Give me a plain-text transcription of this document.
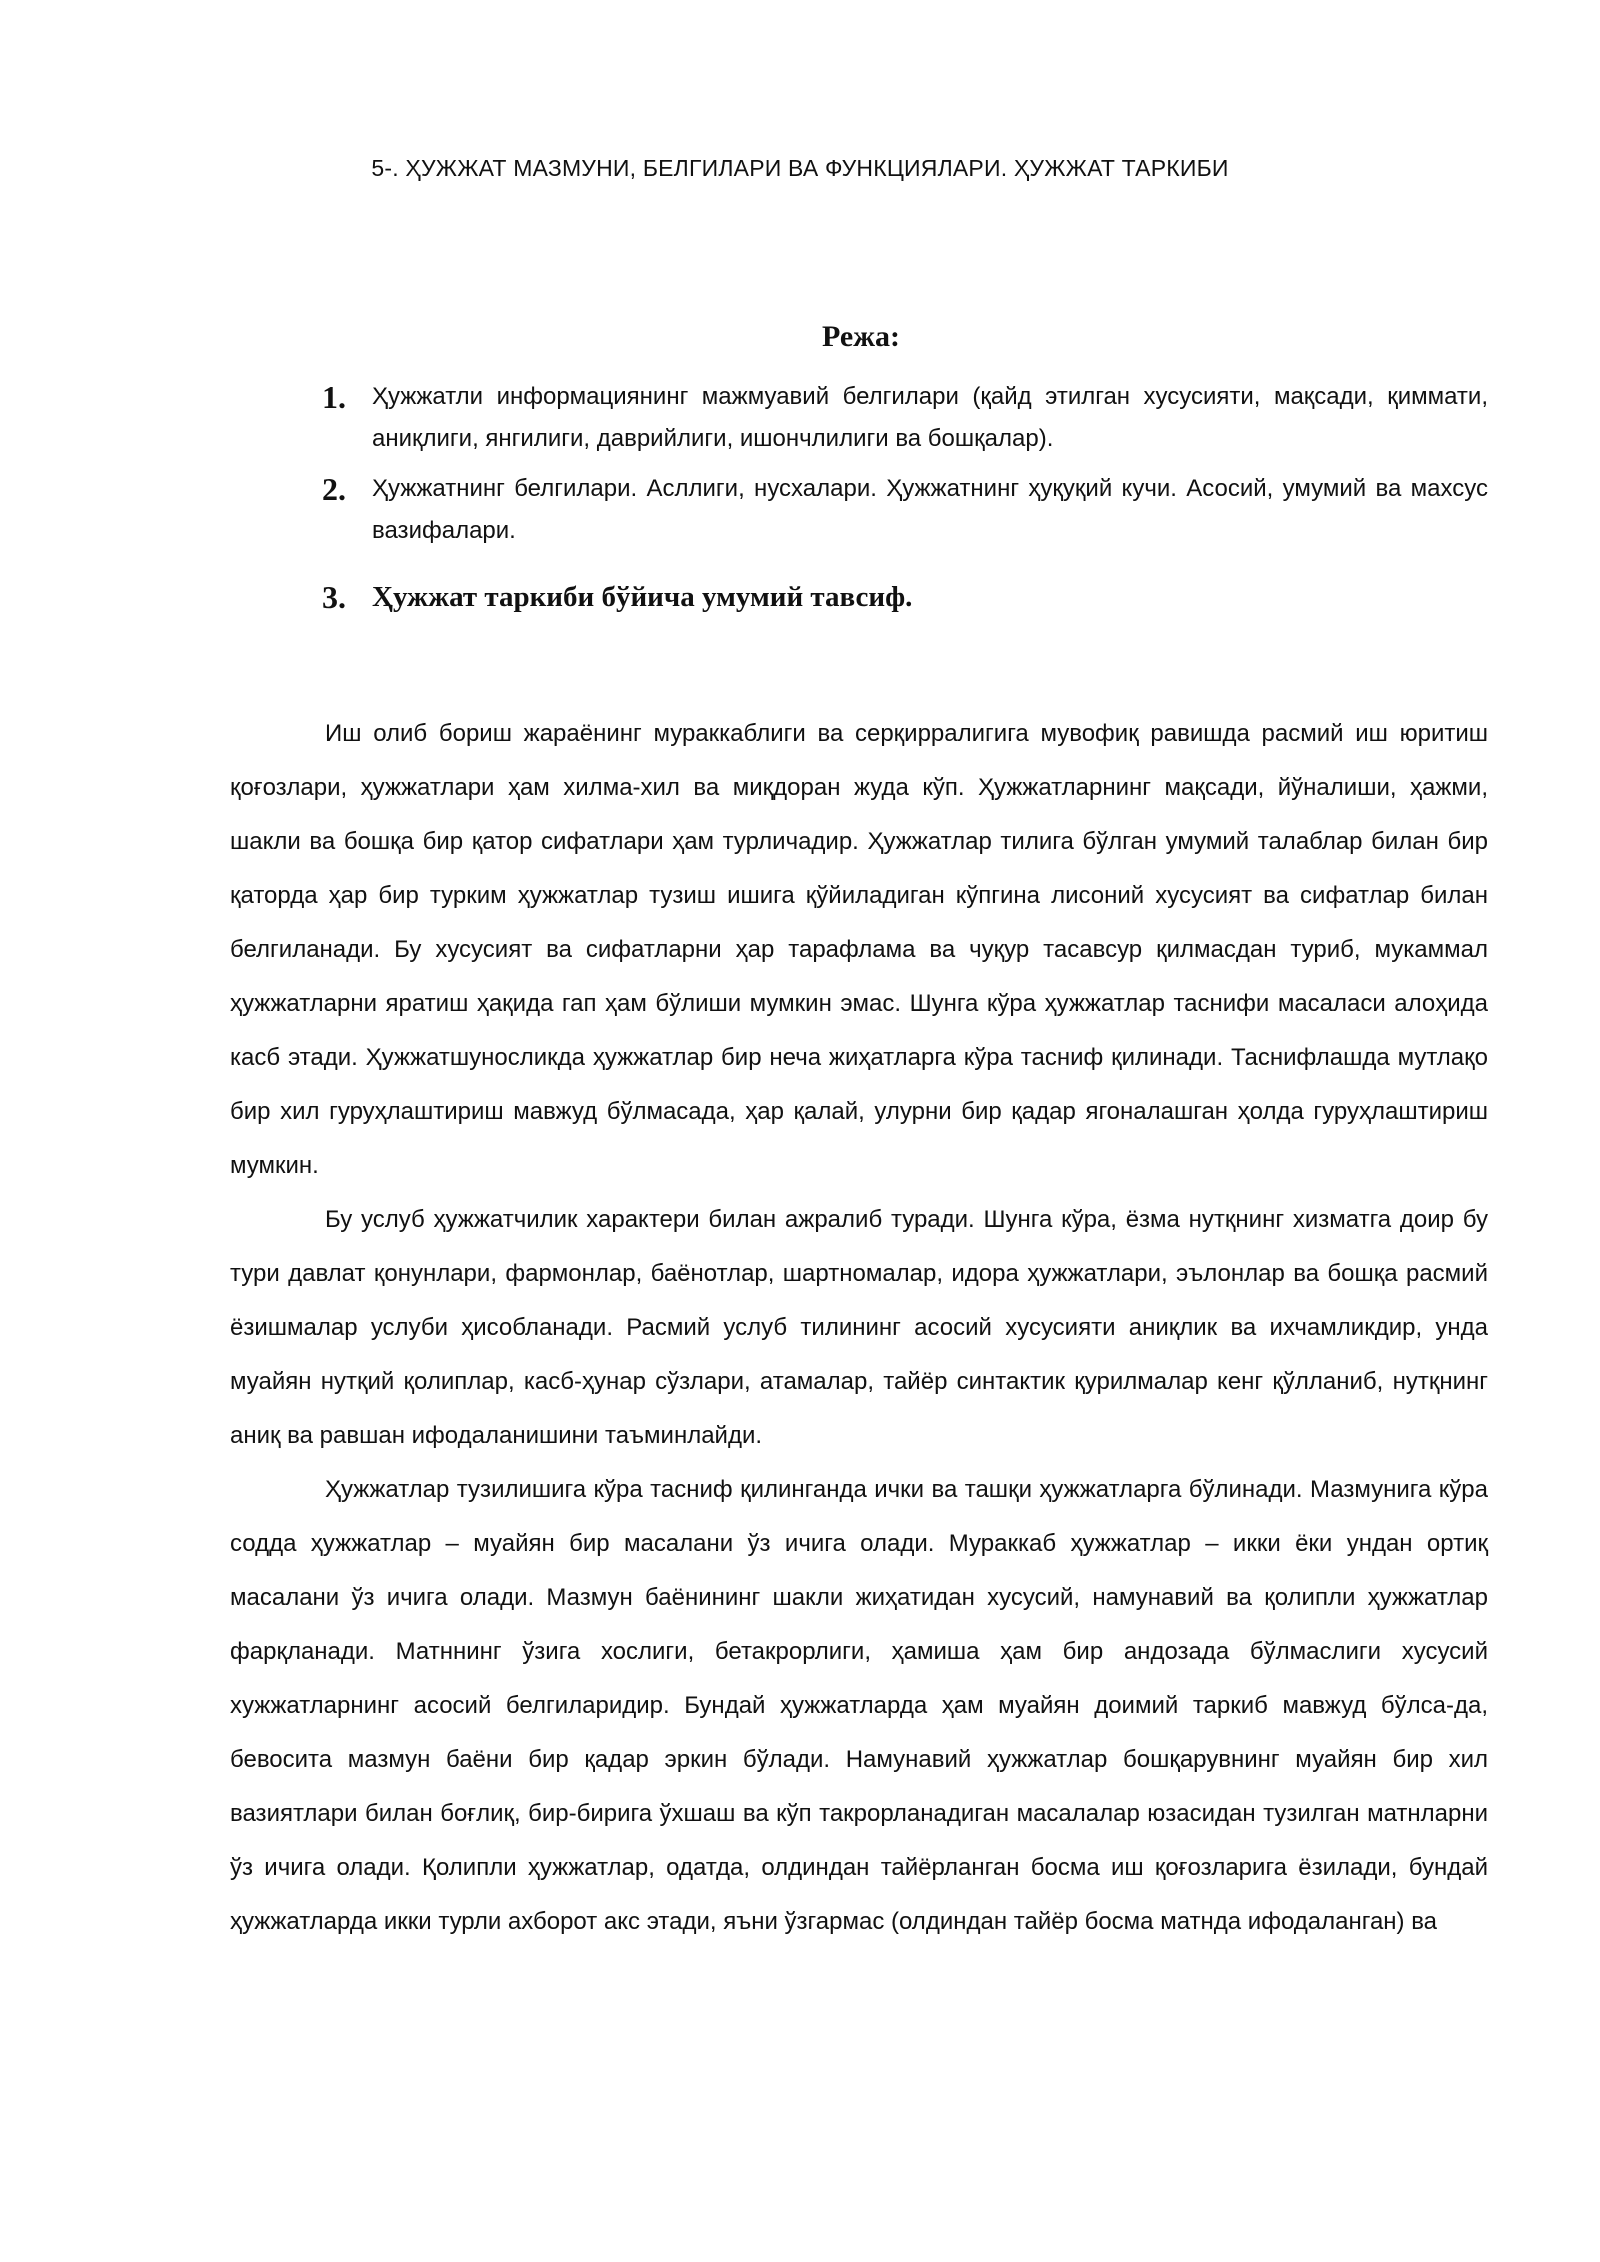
5-. ҲУЖЖАТ МАЗМУНИ, БЕЛГИЛАРИ ВА ФУНКЦИЯЛАРИ. ҲУЖЖАТ ТАРКИБИ
Режа:
1. Ҳужжатли информациянинг мажмуавий белгилари (қайд этилган хусусияти, мақсади, қиммати, аниқлиги, янгилиги, даврийлиги, ишончлилиги ва бошқалар).
2. Ҳужжатнинг белгилари. Асллиги, нусхалари. Ҳужжатнинг ҳуқуқий кучи. Асосий, умумий ва махсус вазифалари.
3. Ҳужжат таркиби бўйича умумий тавсиф.

Иш олиб бориш жараёнинг мураккаблиги ва серқирралигига мувофиқ равишда расмий иш юритиш қоғозлари, ҳужжатлари ҳам хилма-хил ва миқдоран жуда кўп. Ҳужжатларнинг мақсади, йўналиши, ҳажми, шакли ва бошқа бир қатор сифатлари ҳам турличадир. Ҳужжатлар тилига бўлган умумий талаблар билан бир қаторда ҳар бир турким ҳужжатлар тузиш ишига қўйиладиган кўпгина лисоний хусусият ва сифатлар билан белгиланади. Бу хусусият ва сифатларни ҳар тарафлама ва чуқур тасавсур қилмасдан туриб, мукаммал ҳужжатларни яратиш ҳақида гап ҳам бўлиши мумкин эмас. Шунга кўра ҳужжатлар таснифи масаласи алоҳида касб этади. Ҳужжатшуносликда ҳужжатлар бир неча жиҳатларга кўра тасниф қилинади. Таснифлашда мутлақо бир хил гуруҳлаштириш мавжуд бўлмасада, ҳар қалай, улурни бир қадар ягоналашган ҳолда гуруҳлаштириш мумкин.

Бу услуб ҳужжатчилик характери билан ажралиб туради. Шунга кўра, ёзма нутқнинг хизматга доир бу тури давлат қонунлари, фармонлар, баёнотлар, шартномалар, идора ҳужжатлари, эълонлар ва бошқа расмий ёзишмалар услуби ҳисобланади. Расмий услуб тилининг асосий хусусияти аниқлик ва ихчамликдир, унда муайян нутқий қолиплар, касб-ҳунар сўзлари, атамалар, тайёр синтактик қурилмалар кенг қўлланиб, нутқнинг аниқ ва равшан ифодаланишини таъминлайди.

Ҳужжатлар тузилишига кўра тасниф қилинганда ички ва ташқи ҳужжатларга бўлинади. Мазмунига кўра содда ҳужжатлар – муайян бир масалани ўз ичига олади. Мураккаб ҳужжатлар – икки ёки ундан ортиқ масалани ўз ичига олади. Мазмун баёнининг шакли жиҳатидан хусусий, намунавий ва қолипли ҳужжатлар фарқланади. Матннинг ўзига хослиги, бетакрорлиги, ҳамиша ҳам бир андозада бўлмаслиги хусусий хужжатларнинг асосий белгиларидир. Бундай ҳужжатларда ҳам муайян доимий таркиб мавжуд бўлса-да, бевосита мазмун баёни бир қадар эркин бўлади. Намунавий ҳужжатлар бошқарувнинг муайян бир хил вазиятлари билан боғлиқ, бир-бирига ўхшаш ва кўп такрорланадиган масалалар юзасидан тузилган матнларни ўз ичига олади. Қолипли ҳужжатлар, одатда, олдиндан тайёрланган босма иш қоғозларига ёзилади, бундай ҳужжатларда икки турли ахборот акс этади, яъни ўзгармас (олдиндан тайёр босма матнда ифодаланган) ва
